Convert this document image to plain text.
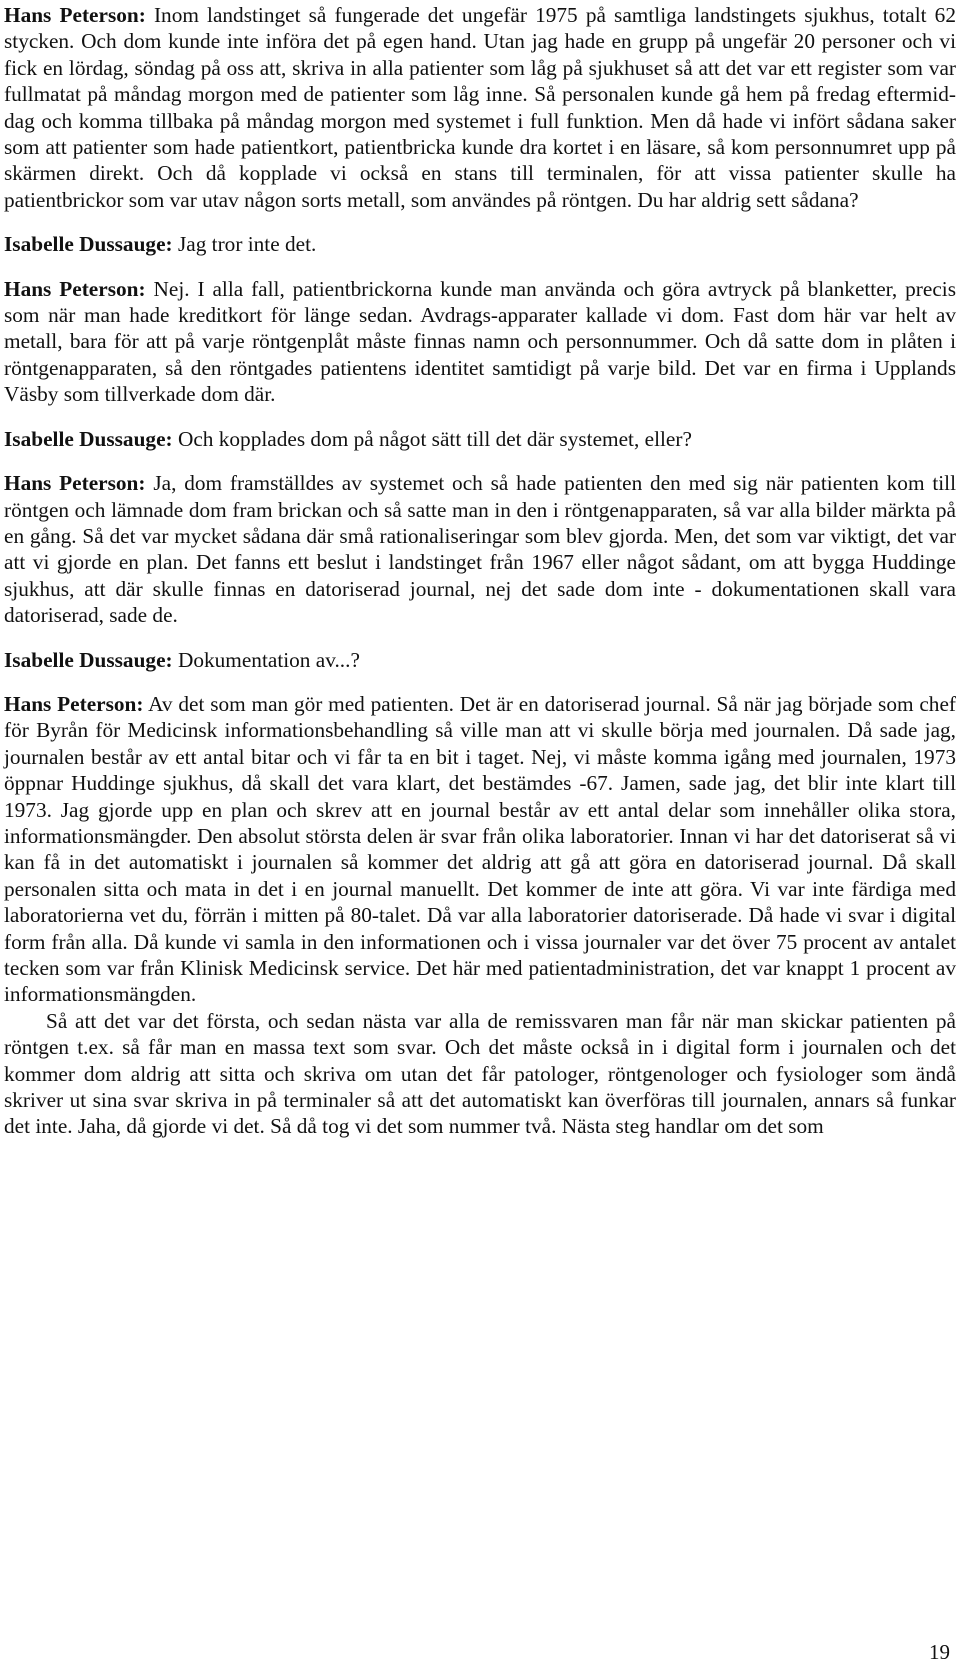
Hans Peterson: Inom landstinget så fungerade det ungefär 1975 på samtliga landstingets sjukhus, totalt 62 stycken. Och dom kunde inte införa det på egen hand. Utan jag hade en grupp på ungefär 20 personer och vi fick en lördag, söndag på oss att, skriva in alla patienter som låg på sjukhuset så att det var ett register som var fullmatat på måndag morgon med de patienter som låg inne. Så personalen kunde gå hem på fredag eftermiddag och komma tillbaka på måndag morgon med systemet i full funktion. Men då hade vi infört sådana saker som att patienter som hade patientkort, patientbricka kunde dra kortet i en läsare, så kom personnumret upp på skärmen direkt. Och då kopplade vi också en stans till terminalen, för att vissa patienter skulle ha patientbrickor som var utav någon sorts metall, som användes på röntgen. Du har aldrig sett sådana?

Isabelle Dussauge: Jag tror inte det.

Hans Peterson: Nej. I alla fall, patientbrickorna kunde man använda och göra avtryck på blanketter, precis som när man hade kreditkort för länge sedan. Avdrags-apparater kallade vi dom. Fast dom här var helt av metall, bara för att på varje röntgenplåt måste finnas namn och personnummer. Och då satte dom in plåten i röntgenapparaten, så den röntgades patientens identitet samtidigt på varje bild. Det var en firma i Upplands Väsby som tillverkade dom där.

Isabelle Dussauge: Och kopplades dom på något sätt till det där systemet, eller?

Hans Peterson: Ja, dom framställdes av systemet och så hade patienten den med sig när patienten kom till röntgen och lämnade dom fram brickan och så satte man in den i röntgenapparaten, så var alla bilder märkta på en gång. Så det var mycket sådana där små rationaliseringar som blev gjorda. Men, det som var viktigt, det var att vi gjorde en plan. Det fanns ett beslut i landstinget från 1967 eller något sådant, om att bygga Huddinge sjukhus, att där skulle finnas en datoriserad journal, nej det sade dom inte - dokumentationen skall vara datoriserad, sade de.

Isabelle Dussauge: Dokumentation av...?

Hans Peterson: Av det som man gör med patienten. Det är en datoriserad journal. Så när jag började som chef för Byrån för Medicinsk informationsbehandling så ville man att vi skulle börja med journalen. Då sade jag, journalen består av ett antal bitar och vi får ta en bit i taget. Nej, vi måste komma igång med journalen, 1973 öppnar Huddinge sjukhus, då skall det vara klart, det bestämdes -67. Jamen, sade jag, det blir inte klart till 1973. Jag gjorde upp en plan och skrev att en journal består av ett antal delar som innehåller olika stora, informationsmängder. Den absolut största delen är svar från olika laboratorier. Innan vi har det datoriserat så vi kan få in det automatiskt i journalen så kommer det aldrig att gå att göra en datoriserad journal. Då skall personalen sitta och mata in det i en journal manuellt. Det kommer de inte att göra. Vi var inte färdiga med laboratorierna vet du, förrän i mitten på 80-talet. Då var alla laboratorier datoriserade. Då hade vi svar i digital form från alla. Då kunde vi samla in den informationen och i vissa journaler var det över 75 procent av antalet tecken som var från Klinisk Medicinsk service. Det här med patientadministration, det var knappt 1 procent av informationsmängden.

Så att det var det första, och sedan nästa var alla de remissvaren man får när man skickar patienten på röntgen t.ex. så får man en massa text som svar. Och det måste också in i digital form i journalen och det kommer dom aldrig att sitta och skriva om utan det får patologer, röntgenologer och fysiologer som ändå skriver ut sina svar skriva in på terminaler så att det automatiskt kan överföras till journalen, annars så funkar det inte. Jaha, då gjorde vi det. Så då tog vi det som nummer två. Nästa steg handlar om det som

19
